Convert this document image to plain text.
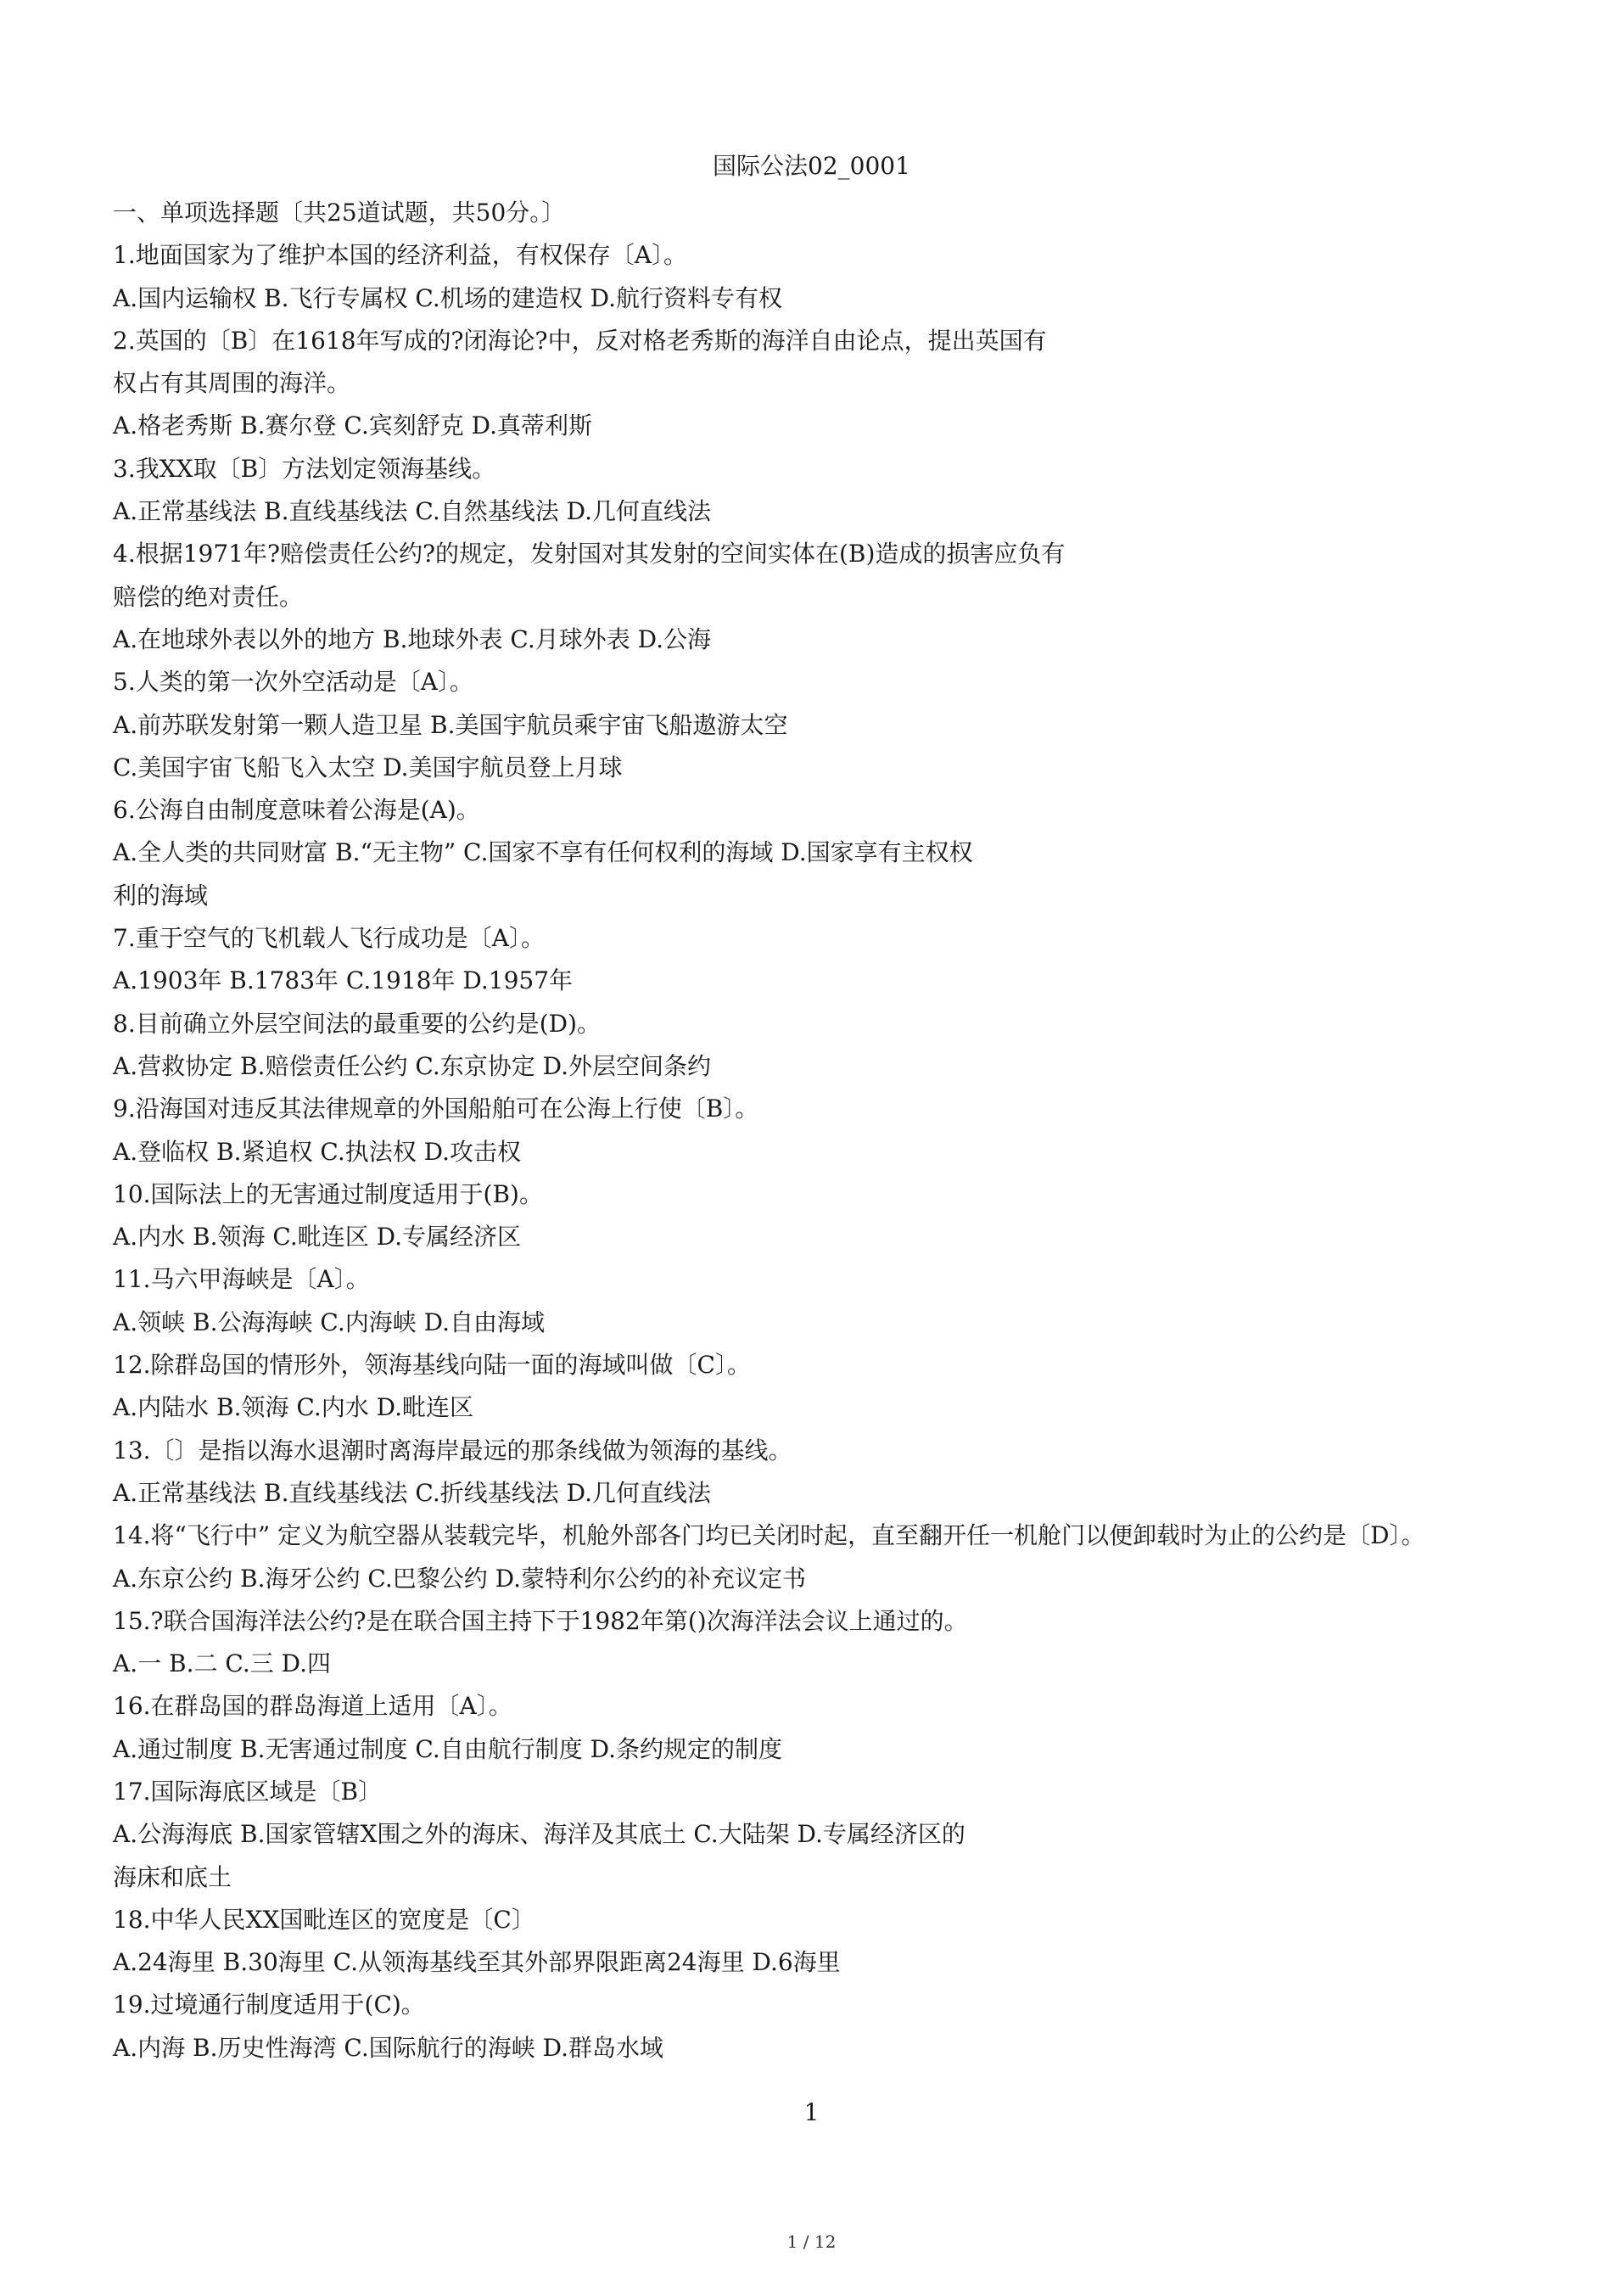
国际公法02_0001
一、单项选择题〔共25道试题，共50分。〕
1.地面国家为了维护本国的经济利益，有权保存〔A〕。
A.国内运输权 B.飞行专属权 C.机场的建造权 D.航行资料专有权
2.英国的〔B〕在1618年写成的?闭海论?中，反对格老秀斯的海洋自由论点，提出英国有
权占有其周围的海洋。
A.格老秀斯 B.赛尔登 C.宾刻舒克 D.真蒂利斯
3.我XX取〔B〕方法划定领海基线。
A.正常基线法 B.直线基线法 C.自然基线法 D.几何直线法
4.根据1971年?赔偿责任公约?的规定，发射国对其发射的空间实体在(B)造成的损害应负有
赔偿的绝对责任。
A.在地球外表以外的地方 B.地球外表 C.月球外表 D.公海
5.人类的第一次外空活动是〔A〕。
A.前苏联发射第一颗人造卫星 B.美国宇航员乘宇宙飞船遨游太空
C.美国宇宙飞船飞入太空 D.美国宇航员登上月球
6.公海自由制度意味着公海是(A)。
A.全人类的共同财富 B.“无主物” C.国家不享有任何权利的海域 D.国家享有主权权
利的海域
7.重于空气的飞机载人飞行成功是〔A〕。
A.1903年 B.1783年 C.1918年 D.1957年
8.目前确立外层空间法的最重要的公约是(D)。
A.营救协定 B.赔偿责任公约 C.东京协定 D.外层空间条约
9.沿海国对违反其法律规章的外国船舶可在公海上行使〔B〕。
A.登临权 B.紧追权 C.执法权 D.攻击权
10.国际法上的无害通过制度适用于(B)。
A.内水 B.领海 C.毗连区 D.专属经济区
11.马六甲海峡是〔A〕。
A.领峡 B.公海海峡 C.内海峡 D.自由海域
12.除群岛国的情形外，领海基线向陆一面的海域叫做〔C〕。
A.内陆水 B.领海 C.内水 D.毗连区
13.〔〕是指以海水退潮时离海岸最远的那条线做为领海的基线。
A.正常基线法 B.直线基线法 C.折线基线法 D.几何直线法
14.将“飞行中” 定义为航空器从装载完毕，机舱外部各门均已关闭时起，直至翻开任一机舱门以便卸载时为止的公约是〔D〕。
A.东京公约 B.海牙公约 C.巴黎公约 D.蒙特利尔公约的补充议定书
15.?联合国海洋法公约?是在联合国主持下于1982年第()次海洋法会议上通过的。
A.一 B.二 C.三 D.四
16.在群岛国的群岛海道上适用〔A〕。
A.通过制度 B.无害通过制度 C.自由航行制度 D.条约规定的制度
17.国际海底区域是〔B〕
A.公海海底 B.国家管辖X围之外的海床、海洋及其底土 C.大陆架 D.专属经济区的
海床和底土
18.中华人民XX国毗连区的宽度是〔C〕
A.24海里 B.30海里 C.从领海基线至其外部界限距离24海里 D.6海里
19.过境通行制度适用于(C)。
A.内海 B.历史性海湾 C.国际航行的海峡 D.群岛水域
1
1 / 12
